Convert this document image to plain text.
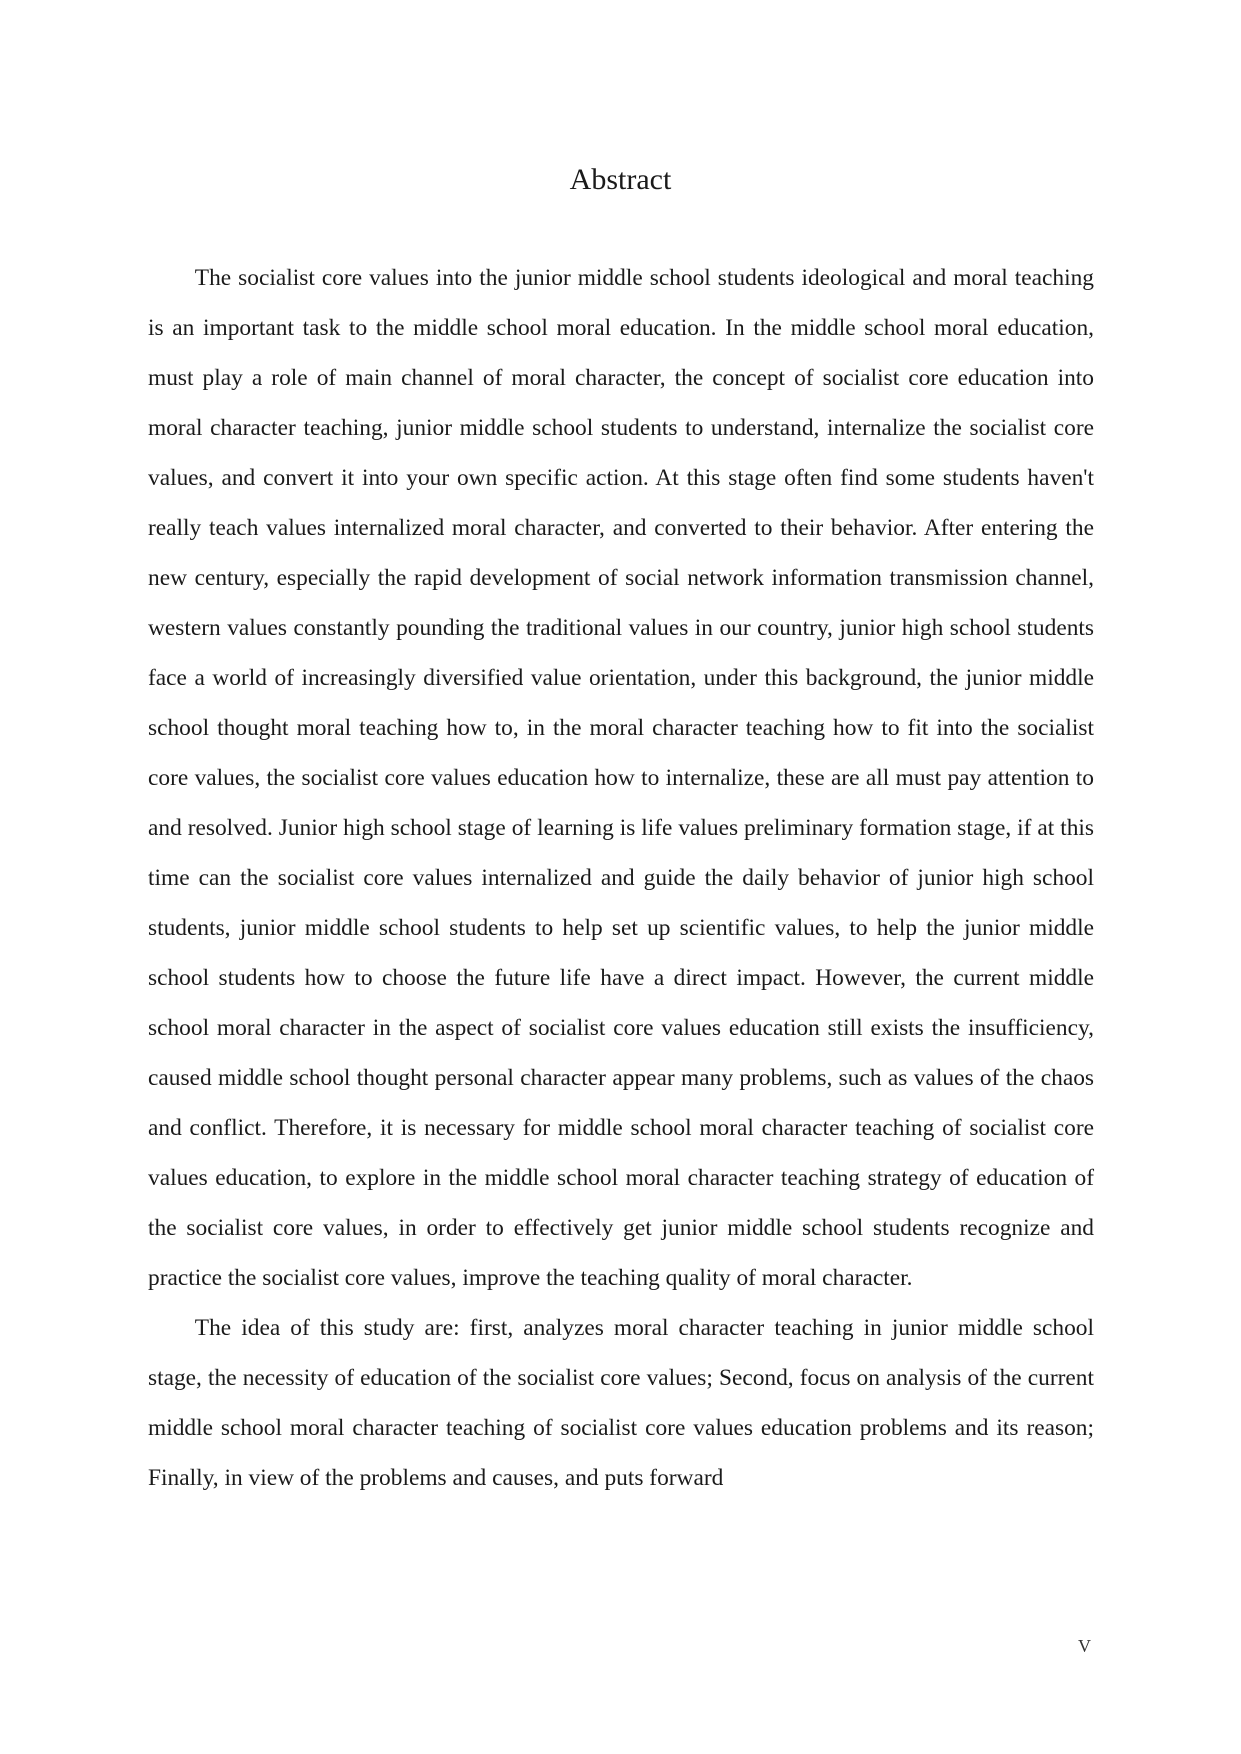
Abstract

The socialist core values into the junior middle school students ideological and moral teaching is an important task to the middle school moral education. In the middle school moral education, must play a role of main channel of moral character, the concept of socialist core education into moral character teaching, junior middle school students to understand, internalize the socialist core values, and convert it into your own specific action. At this stage often find some students haven't really teach values internalized moral character, and converted to their behavior. After entering the new century, especially the rapid development of social network information transmission channel, western values constantly pounding the traditional values in our country, junior high school students face a world of increasingly diversified value orientation, under this background, the junior middle school thought moral teaching how to, in the moral character teaching how to fit into the socialist core values, the socialist core values education how to internalize, these are all must pay attention to and resolved. Junior high school stage of learning is life values preliminary formation stage, if at this time can the socialist core values internalized and guide the daily behavior of junior high school students, junior middle school students to help set up scientific values, to help the junior middle school students how to choose the future life have a direct impact. However, the current middle school moral character in the aspect of socialist core values education still exists the insufficiency, caused middle school thought personal character appear many problems, such as values of the chaos and conflict. Therefore, it is necessary for middle school moral character teaching of socialist core values education, to explore in the middle school moral character teaching strategy of education of the socialist core values, in order to effectively get junior middle school students recognize and practice the socialist core values, improve the teaching quality of moral character.

The idea of this study are: first, analyzes moral character teaching in junior middle school stage, the necessity of education of the socialist core values; Second, focus on analysis of the current middle school moral character teaching of socialist core values education problems and its reason; Finally, in view of the problems and causes, and puts forward

V
